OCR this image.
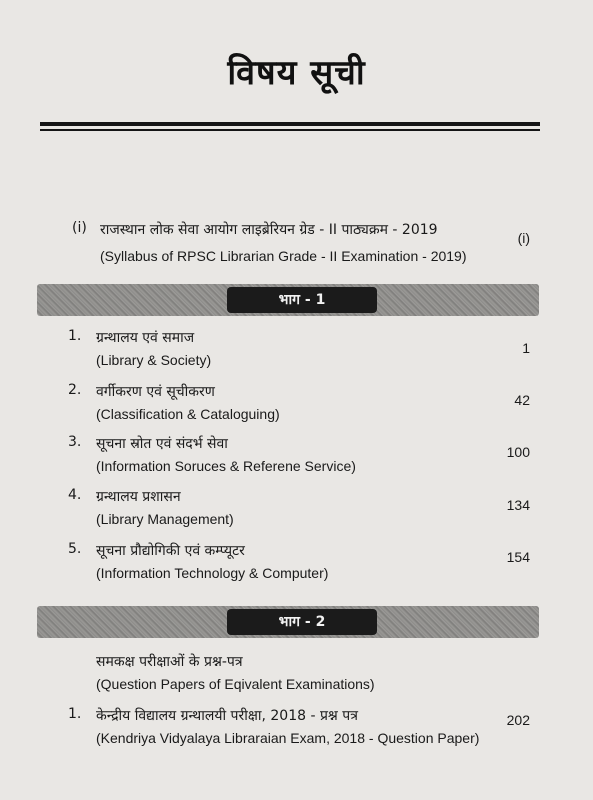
विषय सूची
(i) राजस्थान लोक सेवा आयोग लाइब्रेरियन ग्रेड - II पाठ्यक्रम - 2019
(Syllabus of RPSC Librarian Grade - II Examination - 2019)
(i)
भाग - 1
1. ग्रन्थालय एवं समाज
(Library & Society)
1
2. वर्गीकरण एवं सूचीकरण
(Classification & Cataloguing)
42
3. सूचना स्रोत एवं संदर्भ सेवा
(Information Soruces & Referene Service)
100
4. ग्रन्थालय प्रशासन
(Library Management)
134
5. सूचना प्रौद्योगिकी एवं कम्प्यूटर
(Information Technology & Computer)
154
भाग - 2
समकक्ष परीक्षाओं के प्रश्न-पत्र
(Question Papers of Eqivalent Examinations)
1. केन्द्रीय विद्यालय ग्रन्थालयी परीक्षा, 2018 - प्रश्न पत्र
(Kendriya Vidyalaya Libraraian Exam, 2018 - Question Paper)
202
